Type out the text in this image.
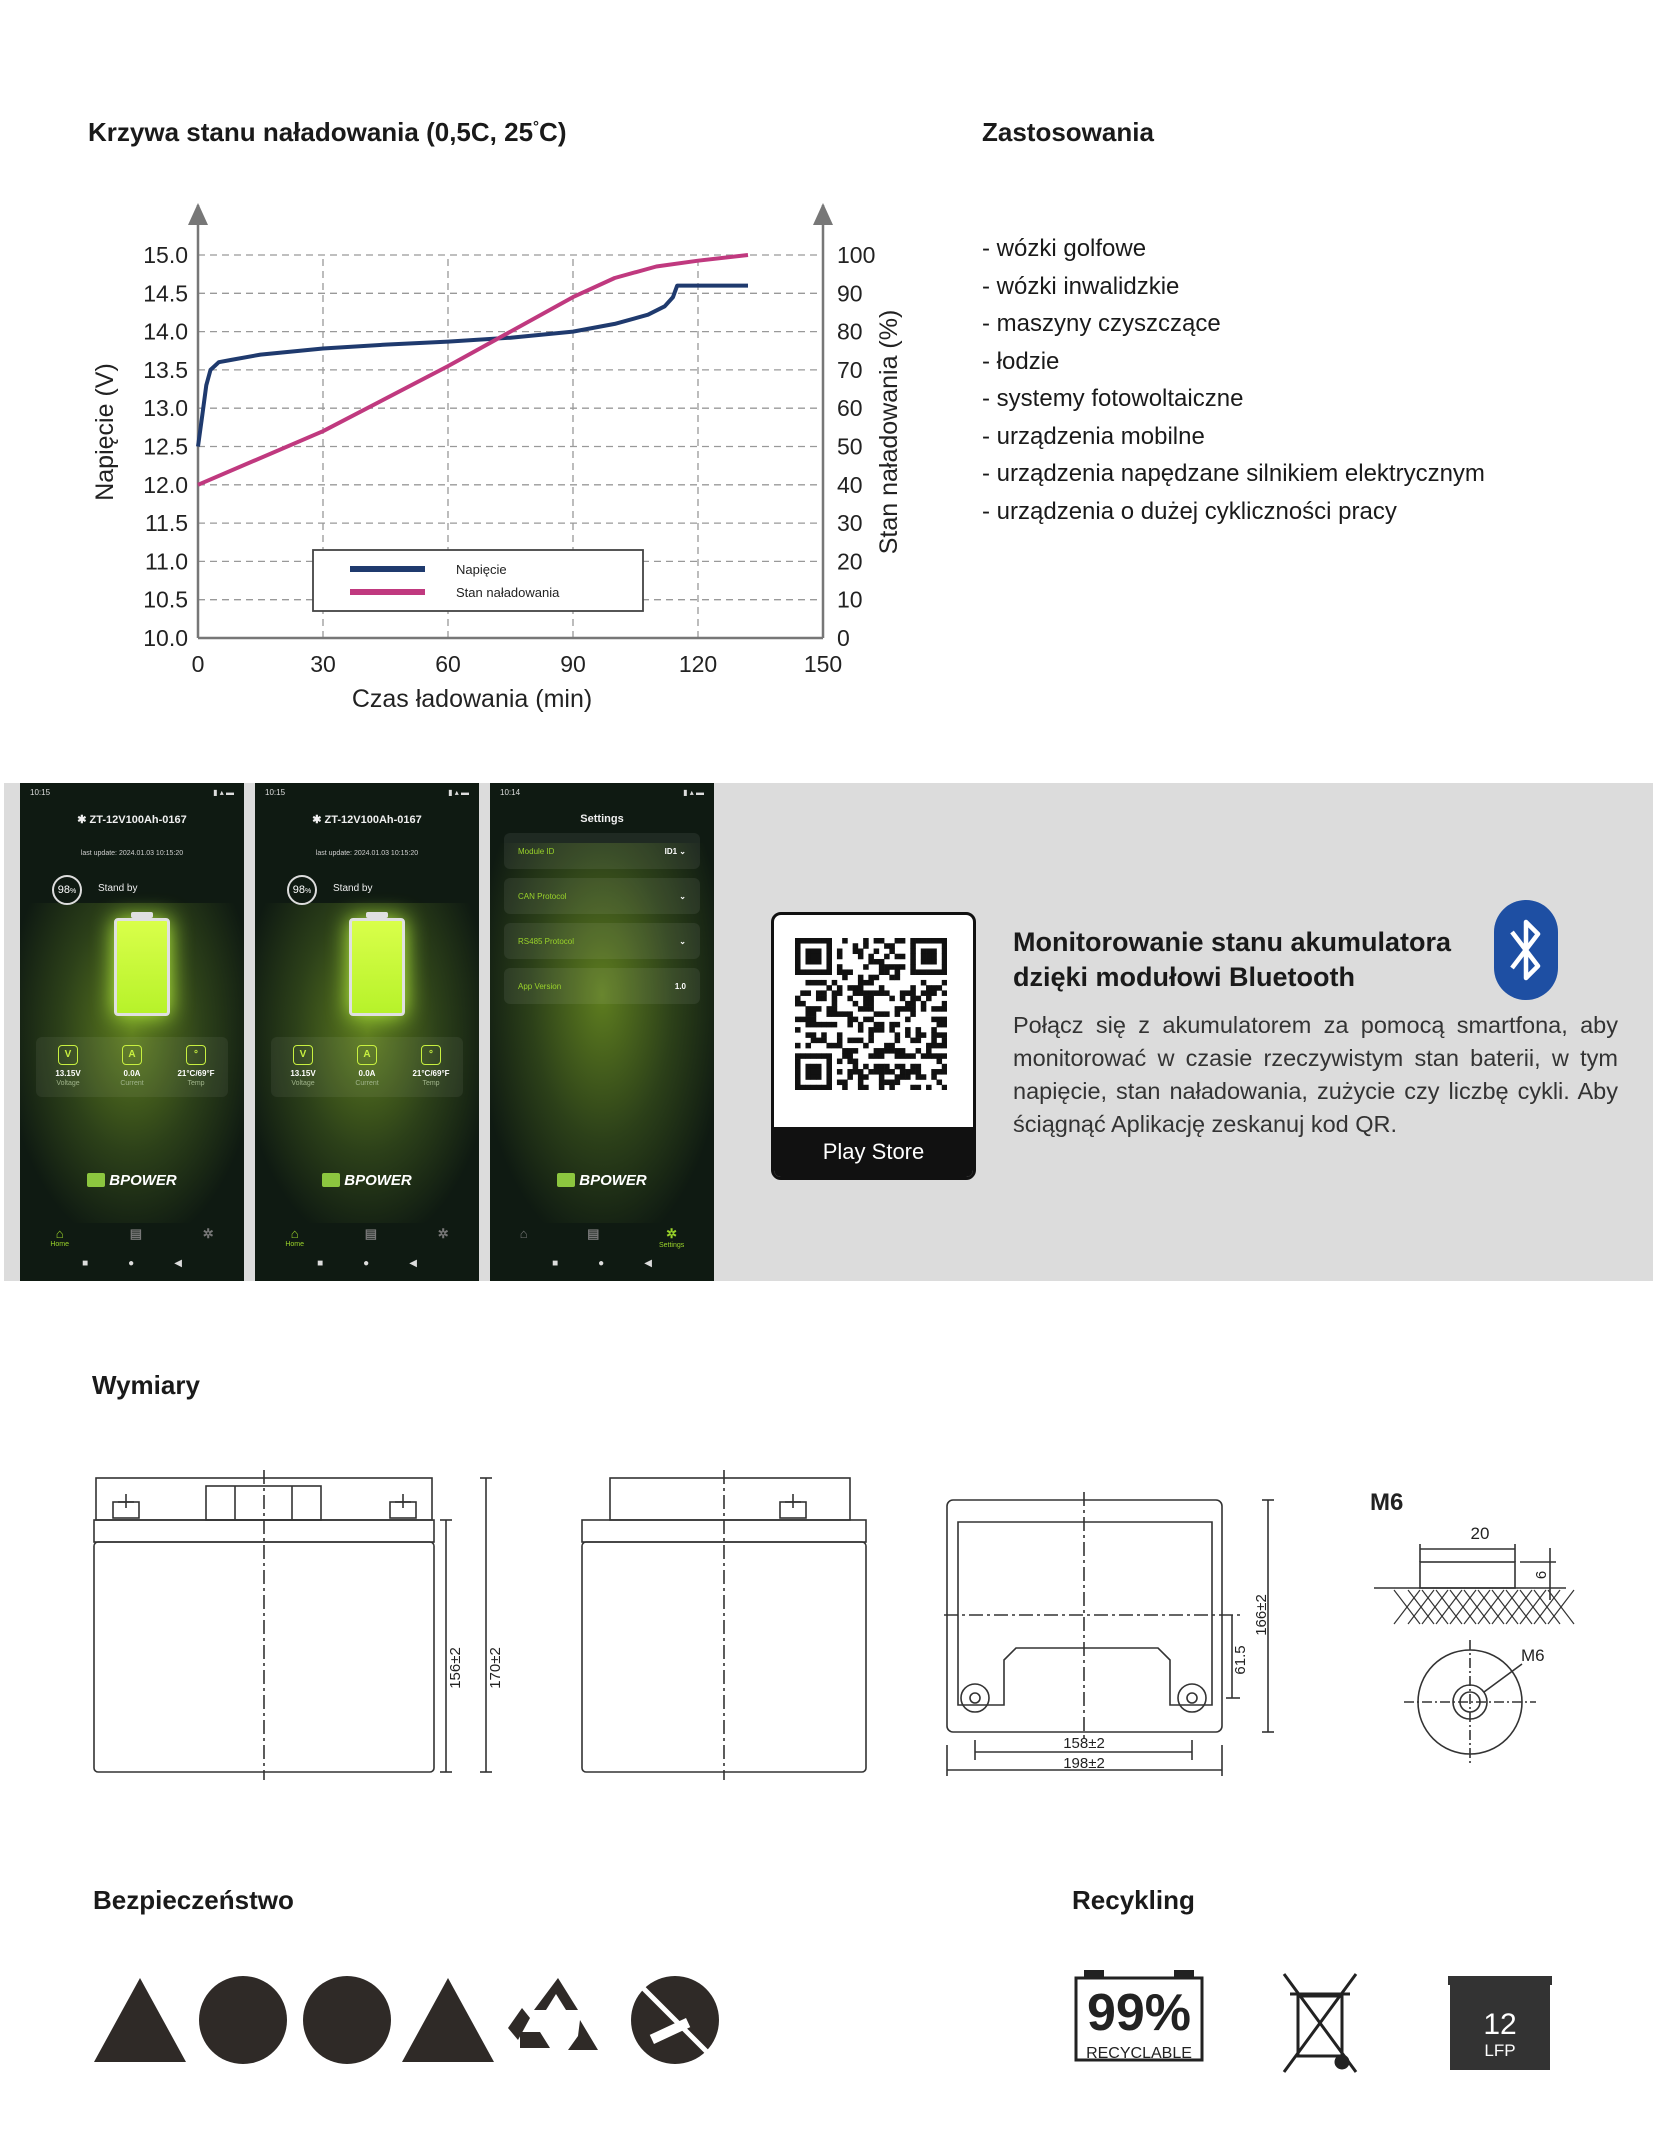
Krzywa stanu naładowania (0,5C, 25°C)
10.0
10.5
11.0
11.5
12.0
12.5
13.0
13.5
14.0
14.5
15.0
0	30	60	90	120	150
0
10
20
30
40
50
60
70
80
90
100
Napięcie (V)	Stan naładowania (%)
Czas ładowania (min)
Napięcie
Stan naładowania
Zastosowania
- wózki golfowe
- wózki inwalidzkie
- maszyny czyszczące
- łodzie
- systemy fotowoltaiczne
- urządzenia mobilne
- urządzenia napędzane silnikiem elektrycznym
- urządzenia o dużej cykliczności pracy
10:15	▮ ▴ ▬
✱ ZT-12V100Ah-0167
last update: 2024.01.03 10:15:20
98%	Stand by
V
13.15V
Voltage
A
0.0A
Current
°
21°C/69°F
Temp
BPOWER
⌂
Home
▤	✲
■	●	◀
10:15	▮ ▴ ▬
✱ ZT-12V100Ah-0167
last update: 2024.01.03 10:15:20
98%	Stand by
V
13.15V
Voltage
A
0.0A
Current
°
21°C/69°F
Temp
BPOWER
⌂
Home
▤	✲
■	●	◀
10:14	▮ ▴ ▬
Settings
Module ID	ID1 ⌄
CAN Protocol	⌄
RS485 Protocol	⌄
App Version	1.0
BPOWER
⌂	▤	✲
Settings
■	●	◀
Play Store
Monitorowanie stanu akumulatora
dzięki modułowi Bluetooth
Połącz się z akumulatorem za pomocą smartfona, aby monitorować w czasie rzeczywistym stan baterii, w tym napięcie, stan naładowania, zużycie czy liczbę cykli. Aby ściągnąć Aplikację zeskanuj kod QR.
Wymiary
156±2 170±2	61.5
166±2
158±2
198±2
20
6
M6
M6
Bezpieczeństwo	Recykling
99%
RECYCLABLE
12
LFP
